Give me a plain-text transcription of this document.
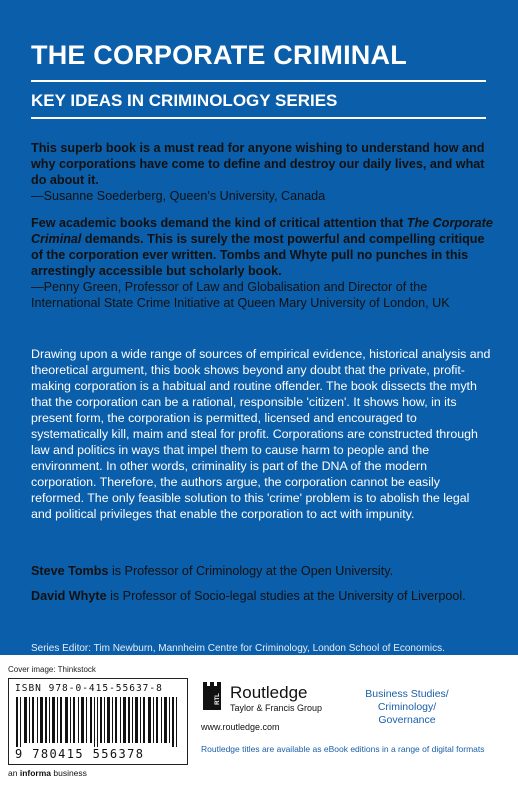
THE CORPORATE CRIMINAL
KEY IDEAS IN CRIMINOLOGY SERIES
This superb book is a must read for anyone wishing to understand how and why corporations have come to define and destroy our daily lives, and what do about it.
—Susanne Soederberg, Queen's University, Canada
Few academic books demand the kind of critical attention that The Corporate Criminal demands. This is surely the most powerful and compelling critique of the corporation ever written. Tombs and Whyte pull no punches in this arrestingly accessible but scholarly book.
—Penny Green, Professor of Law and Globalisation and Director of the International State Crime Initiative at Queen Mary University of London, UK
Drawing upon a wide range of sources of empirical evidence, historical analysis and theoretical argument, this book shows beyond any doubt that the private, profit-making corporation is a habitual and routine offender. The book dissects the myth that the corporation can be a rational, responsible 'citizen'. It shows how, in its present form, the corporation is permitted, licensed and encouraged to systematically kill, maim and steal for profit. Corporations are constructed through law and politics in ways that impel them to cause harm to people and the environment. In other words, criminality is part of the DNA of the modern corporation. Therefore, the authors argue, the corporation cannot be easily reformed. The only feasible solution to this 'crime' problem is to abolish the legal and political privileges that enable the corporation to act with impunity.
Steve Tombs is Professor of Criminology at the Open University.
David Whyte is Professor of Socio-legal studies at the University of Liverpool.
Series Editor: Tim Newburn, Mannheim Centre for Criminology, London School of Economics.
Cover image: Thinkstock
ISBN 978-0-415-55637-8
9 780415 556378
an informa business
RTL Routledge
Taylor & Francis Group
www.routledge.com
Business Studies/
Criminology/
Governance
Routledge titles are available as eBook editions in a range of digital formats
